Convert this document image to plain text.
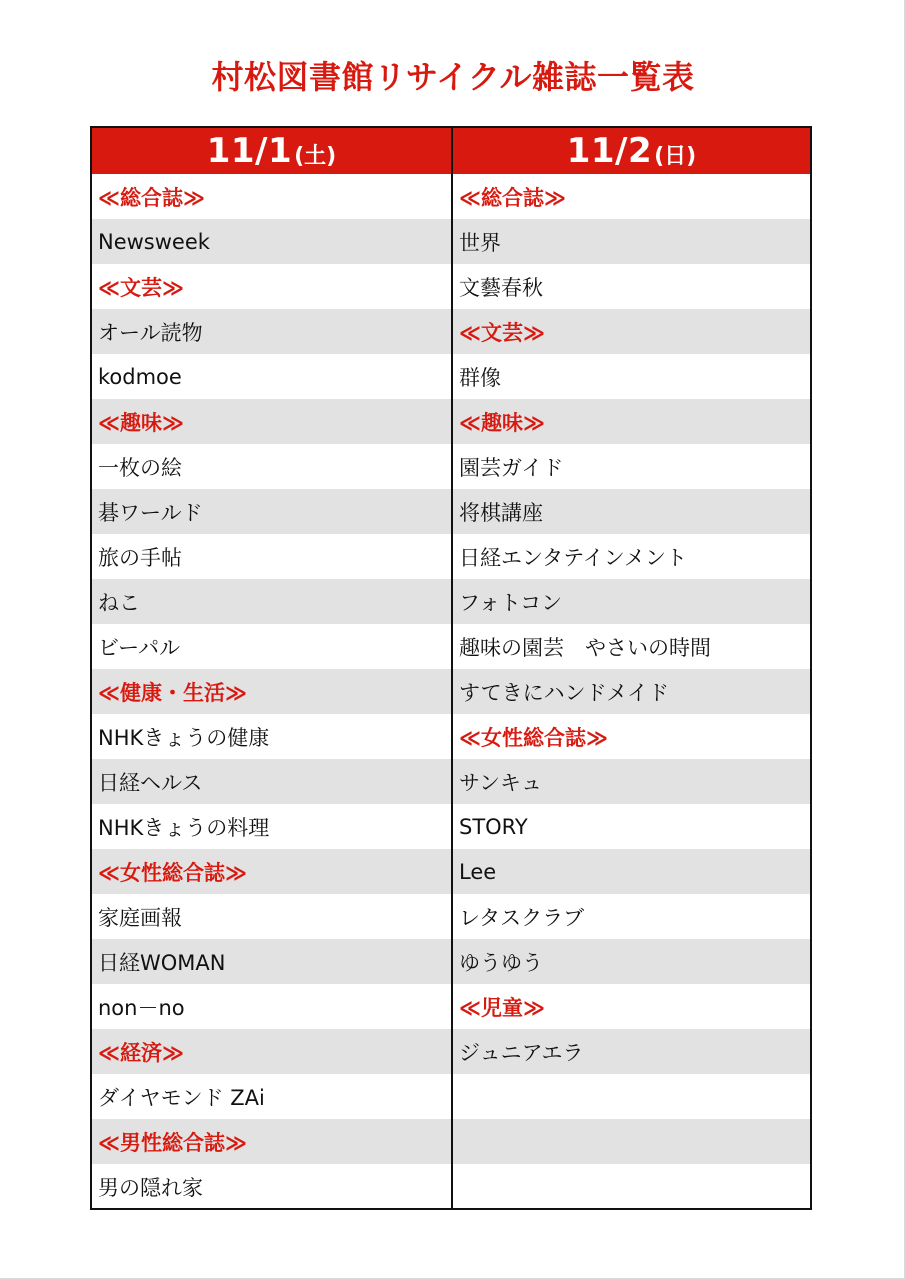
村松図書館リサイクル雑誌一覧表
11/1 (土)
≪総合誌≫
Newsweek
≪文芸≫
オール読物
kodmoe
≪趣味≫
一枚の絵
碁ワールド
旅の手帖
ねこ
ビーパル
≪健康・生活≫
NHKきょうの健康
日経ヘルス
NHKきょうの料理
≪女性総合誌≫
家庭画報
日経WOMAN
non－no
≪経済≫
ダイヤモンド ZAi
≪男性総合誌≫
男の隠れ家
11/2 (日)
≪総合誌≫
世界
文藝春秋
≪文芸≫
群像
≪趣味≫
園芸ガイド
将棋講座
日経エンタテインメント
フォトコン
趣味の園芸　やさいの時間
すてきにハンドメイド
≪女性総合誌≫
サンキュ
STORY
Lee
レタスクラブ
ゆうゆう
≪児童≫
ジュニアエラ
